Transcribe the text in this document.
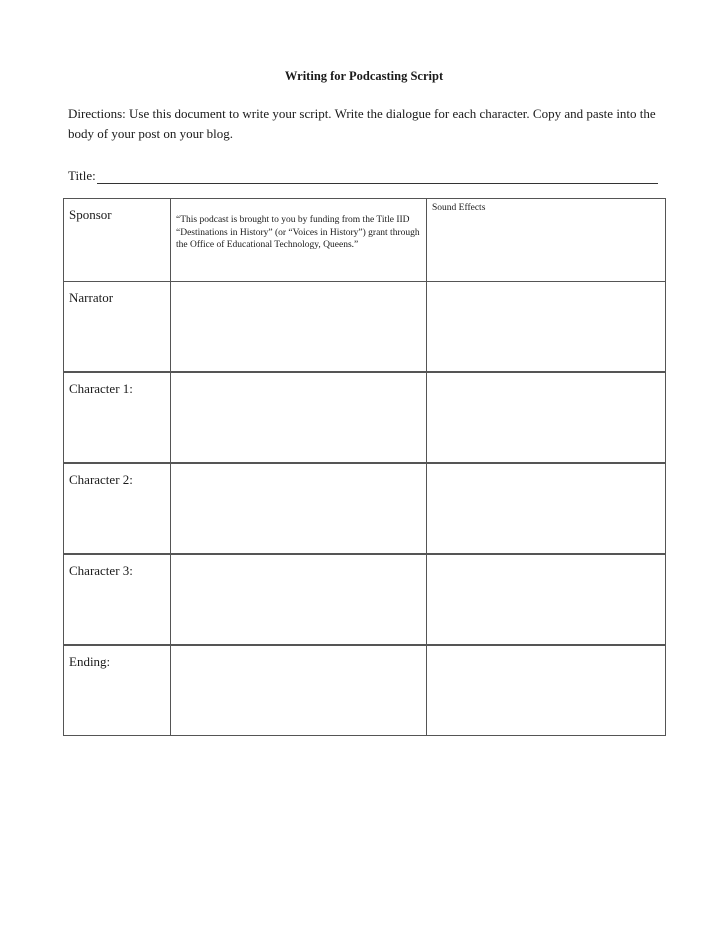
Writing for Podcasting Script
Directions: Use this document to write your script. Write the dialogue for each character. Copy and paste into the body of your post on your blog.
Title:
Sponsor	“This podcast is brought to you by funding from the Title IID “Destinations in History” (or “Voices in History”) grant through the Office of Educational Technology, Queens.”	Sound Effects

Narrator		

Character 1:		

Character 2:		

Character 3:		

Ending:		
